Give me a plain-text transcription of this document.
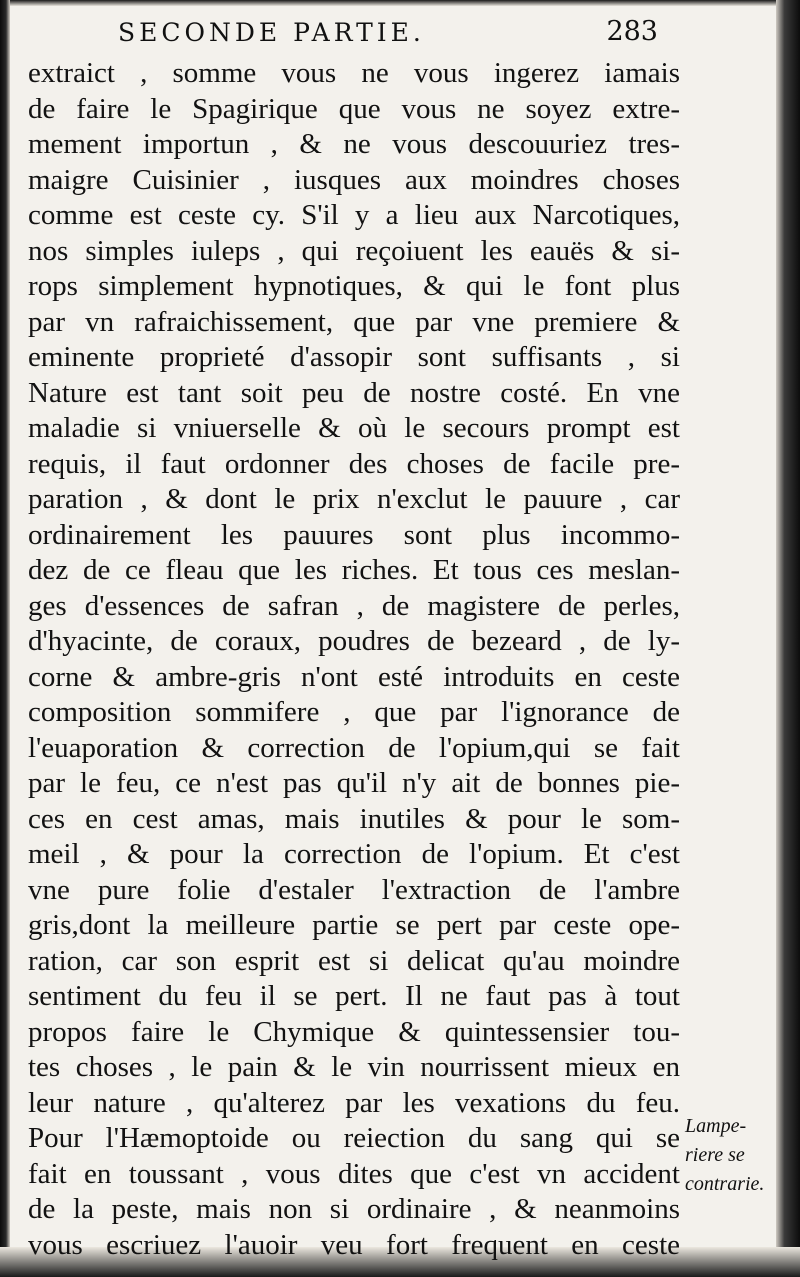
SECONDE PARTIE.	283
extraict , somme vous ne vous ingerez iamais
de faire le Spagirique que vous ne soyez extre-
mement importun , & ne vous descouuriez tres-
maigre Cuisinier , iusques aux moindres choses
comme est ceste cy. S'il y a lieu aux Narcotiques,
nos simples iuleps , qui reçoiuent les eauës & si-
rops simplement hypnotiques, & qui le font plus
par vn rafraichissement, que par vne premiere &
eminente proprieté d'assopir sont suffisants , si
Nature est tant soit peu de nostre costé. En vne
maladie si vniuerselle & où le secours prompt est
requis, il faut ordonner des choses de facile pre-
paration , & dont le prix n'exclut le pauure , car
ordinairement les pauures sont plus incommo-
dez de ce fleau que les riches. Et tous ces meslan-
ges d'essences de safran , de magistere de perles,
d'hyacinte, de coraux, poudres de bezeard , de ly-
corne & ambre-gris n'ont esté introduits en ceste
composition sommifere , que par l'ignorance de
l'euaporation & correction de l'opium,qui se fait
par le feu, ce n'est pas qu'il n'y ait de bonnes pie-
ces en cest amas, mais inutiles & pour le som-
meil , & pour la correction de l'opium. Et c'est
vne pure folie d'estaler l'extraction de l'ambre
gris,dont la meilleure partie se pert par ceste ope-
ration, car son esprit est si delicat qu'au moindre
sentiment du feu il se pert. Il ne faut pas à tout
propos faire le Chymique & quintessensier tou-
tes choses , le pain & le vin nourrissent mieux en
leur nature , qu'alterez par les vexations du feu.
Pour l'Hæmoptoide ou reiection du sang qui se
fait en toussant , vous dites que c'est vn accident
de la peste, mais non si ordinaire , & neanmoins
vous escriuez l'auoir veu fort frequent en ceste
Lampe-
riere se
contrarie.
